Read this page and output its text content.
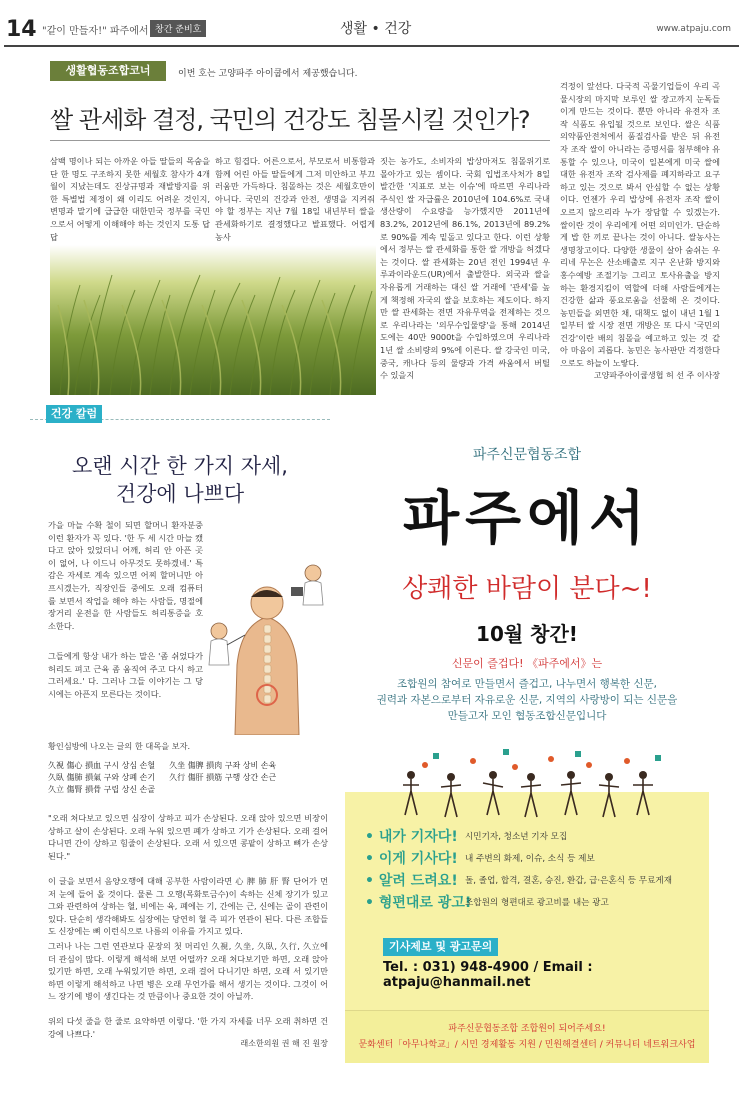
14 "같이 만들자!" 파주에서 창간 준비호	생활 • 건강	www.atpaju.com
생활협동조합코너	이번 호는 고양파주 아이쿱에서 제공했습니다.
쌀 관세화 결정, 국민의 건강도 침몰시킬 것인가?
삼백 명이나 되는 아까운 아들 딸들의 목숨을 단 한 명도 구조하지 못한 세월호 참사가 4개월이 지났는데도 진상규명과 재발방지를 위한 특별법 제정이 왜 이리도 어려운 것인지, 변명과 말기에 급급한 대한민국 정부를 국민으로서 어떻게 이해해야 하는 것인지 도통 답답
하고 힘겹다. 어른으로서, 부모로서 비통함과 함께 어린 아들 딸들에게 그저 미안하고 부끄러움만 가득하다. 침몰하는 것은 세월호만이 아니다. 국민의 건강과 안전, 생명을 지켜줘야 할 정부는 지난 7월 18일 내년부터 쌀을 관세화하기로 결정했다고 발표했다. 어렵게 농사
짓는 농가도, 소비자의 밥상마저도 침몰위기로 몰아가고 있는 셈이다. 국회 입법조사처가 8일 발간한 '지표로 보는 이슈'에 따르면 우리나라 주식인 쌀 자급률은 2010년에 104.6%로 국내 생산량이 수요량을 능가했지만 2011년에 83.2%, 2012년에 86.1%, 2013년에 89.2%로 90%를 계속 밑돌고 있다고 한다. 이런 상황에서 정부는 쌀 관세화를 통한 쌀 개방을 허겠다는 것이다. 쌀 관세화는 20년 전인 1994년 우루과이라운드(UR)에서 출발한다. 외국과 쌀을 자유롭게 거래하는 대신 쌀 거래에 '관세'를 높게 책정해 자국의 쌀을 보호하는 제도이다. 하지만 쌀 관세화는 전면 자유무역을 전제하는 것으로 우리나라는 '의무수입물량'을 통해 2014년도에는 40만 9000t을 수입하였으며 우리나라 1년 쌀 소비량의 9%에 이른다. 쌀 강국인 미국, 중국, 캐나다 등의 물량과 가격 싸움에서 버틸 수 있을지
걱정이 앞선다. 다국적 곡물기업들이 우리 곡물시장의 마지막 보루인 쌀 장고까지 눈독들이게 만드는 것이다. 뿐만 아니라 유전자 조작 식품도 유입될 것으로 보인다. 쌀은 식품의약품안전처에서 품질검사를 받은 뒤 유전자 조작 쌀이 아니라는 증명서를 첨부해야 유통할 수 있으나, 미국이 일본에게 미국 쌀에 대한 유전자 조작 검사제를 폐지하라고 요구하고 있는 것으로 봐서 안심할 수 없는 상황이다. 언젠가 우리 밥상에 유전자 조작 쌀이 오르지 않으리라 누가 장담할 수 있겠는가. 쌀이란 것이 우리에게 어떤 의미인가. 단순하게 밥 한 끼로 끝나는 것이 아니다. 쌀농사는 생명창고이다. 다양한 생물이 살아 숨쉬는 우리네 무논은 산소배출로 지구 온난화 방지와 홍수예방 조절기능 그리고 토사유출을 방지하는 환경지킴이 역할에 더해 사람들에게는 건강한 삶과 풍요로움을 선물해 온 것이다. 농민들을 외면한 채, 대책도 없이 내년 1월 1일부터 쌀 시장 전면 개방은 또 다시 '국민의 건강'이란 배의 침몰을 예고하고 있는 것 같아 마음이 괴롭다. 농민은 농사판만 걱정한다으로도 하늘이 노랗다.
고양파주아이쿱생협 허 선 주 이사장
건강 칼럼
오랜 시간 한 가지 자세,
건강에 나쁘다
가을 마늘 수확 철이 되면 할머니 환자분중 이런 환자가 꼭 있다. '한 두 세 시간 마늘 캤다고 앉아 있었더니 어깨, 허리 안 아픈 곳이 없어, 나 이드니 아무것도 못하겠네.' 특감은 자세로 계속 있으면 어찌 할머니만 아프시겠는가, 직장인들 중에도 오래 컴퓨터를 보면서 작업을 해야 하는 사람들, 명절에 장거리 운전을 한 사람들도 허리통증을 호소한다.
그들에게 항상 내가 하는 말은 '좀 쉬었다가 허리도 펴고 근육 좀 움직여 주고 다시 하고 그러세요.' 다. 그러나 그들 이야기는 그 당시에는 아픈지 모른다는 것이다.
황인심방에 나오는 글의 한 대목을 보자.
久視 傷心 損血 구시 상심 손혈 久坐 傷脾 損肉 구좌 상비 손육
久臥 傷肺 損氣 구와 상폐 손기 久行 傷肝 損筋 구행 상간 손근
久立 傷腎 損骨 구립 상신 손골
"오래 쳐다보고 있으면 심장이 상하고 피가 손상된다. 오래 앉아 있으면 비장이 상하고 살이 손상된다. 오래 누워 있으면 폐가 상하고 기가 손상된다. 오래 걸어 다니면 간이 상하고 힘줄이 손상된다. 오래 서 있으면 콩팥이 상하고 뼈가 손상된다."
이 글을 보면서 음양오행에 대해 공부한 사람이라면 心 脾 肺 肝 腎 단어가 먼저 눈에 들어 올 것이다. 물론 그 오행(목화토금수)이 속하는 신체 장기가 있고 그와 관련하여 상하는 혈, 비에는 육, 폐에는 기, 간에는 근, 신에는 골이 관련이 있다. 단순히 생각해봐도 심장에는 당연히 혈 즉 피가 연관이 된다. 다른 조합들도 신장에는 뼈 이런식으로 나름의 이유를 가지고 있다.
그러나 나는 그런 연관보다 문장의 첫 머리인 久視, 久坐, 久臥, 久行, 久立에 더 관심이 많다. 이렇게 해석해 보면 어떨까? 오래 쳐다보기만 하면, 오래 앉아 있기만 하면, 오래 누워있기만 하면, 오래 걸어 다니기만 하면, 오래 서 있기만 하면 이렇게 해석하고 나면 병은 오래 무언가를 해서 생기는 것이다. 그것이 어느 장기에 병이 생긴다는 것 만큼이나 중요한 것이 아닐까.
위의 다섯 줄을 한 줄로 요약하면 이렇다. '한 가지 자세를 너무 오래 취하면 건강에 나쁘다.'
래소한의원 권 해 진 원장
파주신문협동조합
파주에서
상쾌한 바람이 분다~!
10월 창간!
신문이 즐겁다! 《파주에서》는
조합원의 참여로 만들면서 즐겁고, 나누면서 행복한 신문,
권력과 자본으로부터 자유로운 신문, 지역의 사랑방이 되는 신문을
만들고자 모인 협동조합신문입니다
• 내가 기자다! 시민기자, 청소년 기자 모집
• 이게 기사다! 내 주변의 화제, 이슈, 소식 등 제보
• 알려 드려요! 돌, 졸업, 합격, 결혼, 승진, 환갑, 급·은혼식 등 무료게재
• 형편대로 광고!
조합원의 형편대로 광고비를 내는 광고
기사제보 및 광고문의
Tel. : 031) 948-4900 / Email : atpaju@hanmail.net
파주신문협동조합 조합원이 되어주세요!
문화센터「아무나학교」/ 시민 경제활동 지원 / 민원해결센터 / 커뮤니티 네트워크사업
